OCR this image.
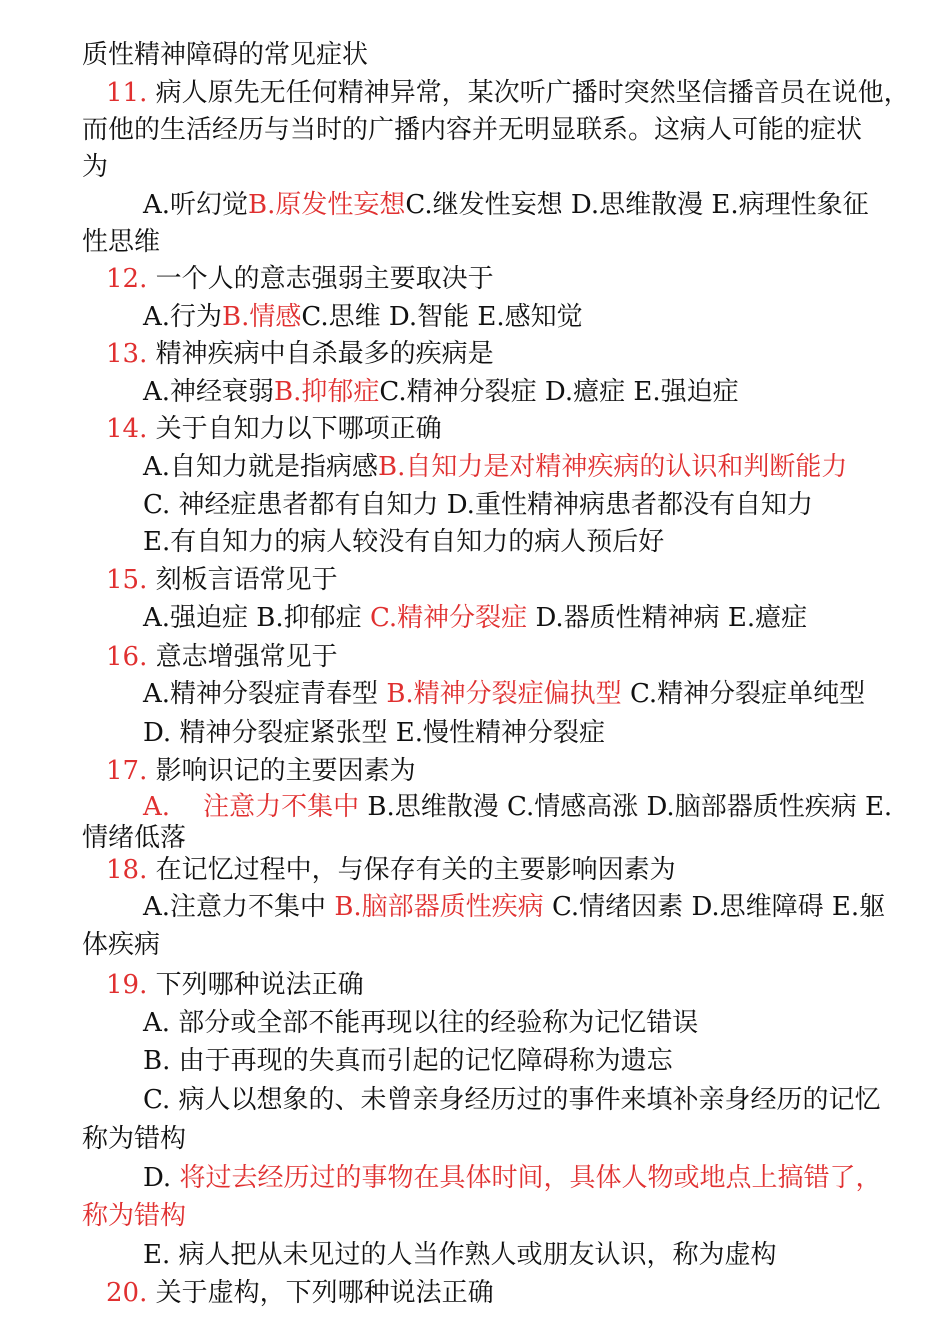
质性精神障碍的常见症状
11. 病人原先无任何精神异常，某次听广播时突然坚信播音员在说他，
而他的生活经历与当时的广播内容并无明显联系。这病人可能的症状
为
A.听幻觉B.原发性妄想C.继发性妄想 D.思维散漫 E.病理性象征
性思维
12. 一个人的意志强弱主要取决于
A.行为B.情感C.思维 D.智能 E.感知觉
13. 精神疾病中自杀最多的疾病是
A.神经衰弱B.抑郁症C.精神分裂症 D.癔症 E.强迫症
14. 关于自知力以下哪项正确
A.自知力就是指病感B.自知力是对精神疾病的认识和判断能力
C. 神经症患者都有自知力 D.重性精神病患者都没有自知力
E.有自知力的病人较没有自知力的病人预后好
15. 刻板言语常见于
A.强迫症 B.抑郁症 C.精神分裂症 D.器质性精神病 E.癔症
16. 意志增强常见于
A.精神分裂症青春型 B.精神分裂症偏执型 C.精神分裂症单纯型
D. 精神分裂症紧张型 E.慢性精神分裂症
17. 影响识记的主要因素为
A.    注意力不集中 B.思维散漫 C.情感高涨 D.脑部器质性疾病 E.
情绪低落
18. 在记忆过程中，与保存有关的主要影响因素为
A.注意力不集中 B.脑部器质性疾病 C.情绪因素 D.思维障碍 E.躯
体疾病
19. 下列哪种说法正确
A. 部分或全部不能再现以往的经验称为记忆错误
B. 由于再现的失真而引起的记忆障碍称为遗忘
C. 病人以想象的、未曾亲身经历过的事件来填补亲身经历的记忆
称为错构
D. 将过去经历过的事物在具体时间，具体人物或地点上搞错了，
称为错构
E. 病人把从未见过的人当作熟人或朋友认识，称为虚构
20. 关于虚构，下列哪种说法正确
